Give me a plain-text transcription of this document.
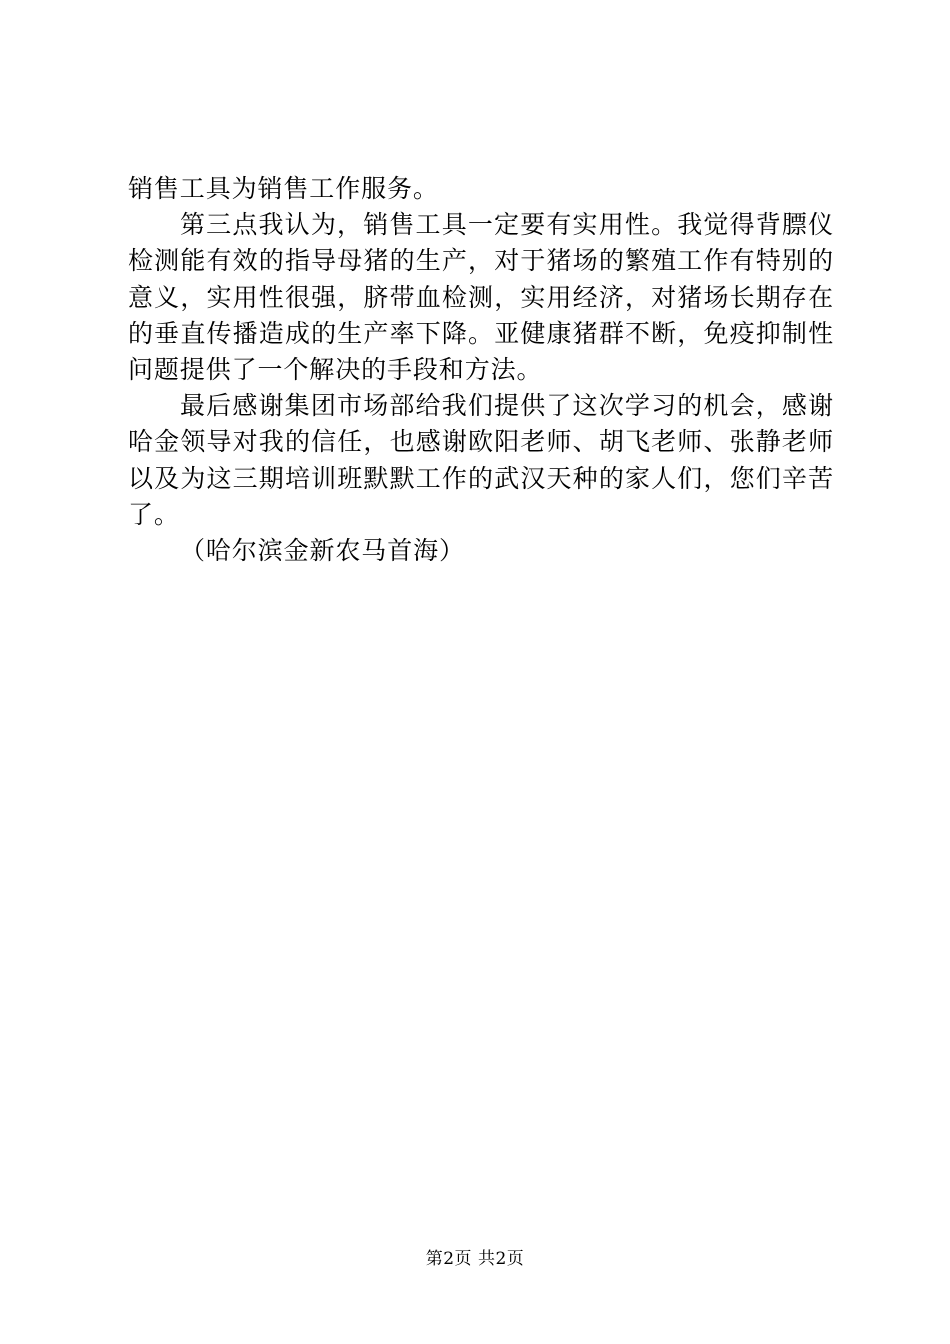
销售工具为销售工作服务。
第三点我认为，销售工具一定要有实用性。我觉得背膘仪
检测能有效的指导母猪的生产，对于猪场的繁殖工作有特别的
意义，实用性很强，脐带血检测，实用经济，对猪场长期存在
的垂直传播造成的生产率下降。亚健康猪群不断，免疫抑制性
问题提供了一个解决的手段和方法。
最后感谢集团市场部给我们提供了这次学习的机会，感谢
哈金领导对我的信任，也感谢欧阳老师、胡飞老师、张静老师
以及为这三期培训班默默工作的武汉天种的家人们，您们辛苦
了。
（哈尔滨金新农马首海）
第2页 共2页
